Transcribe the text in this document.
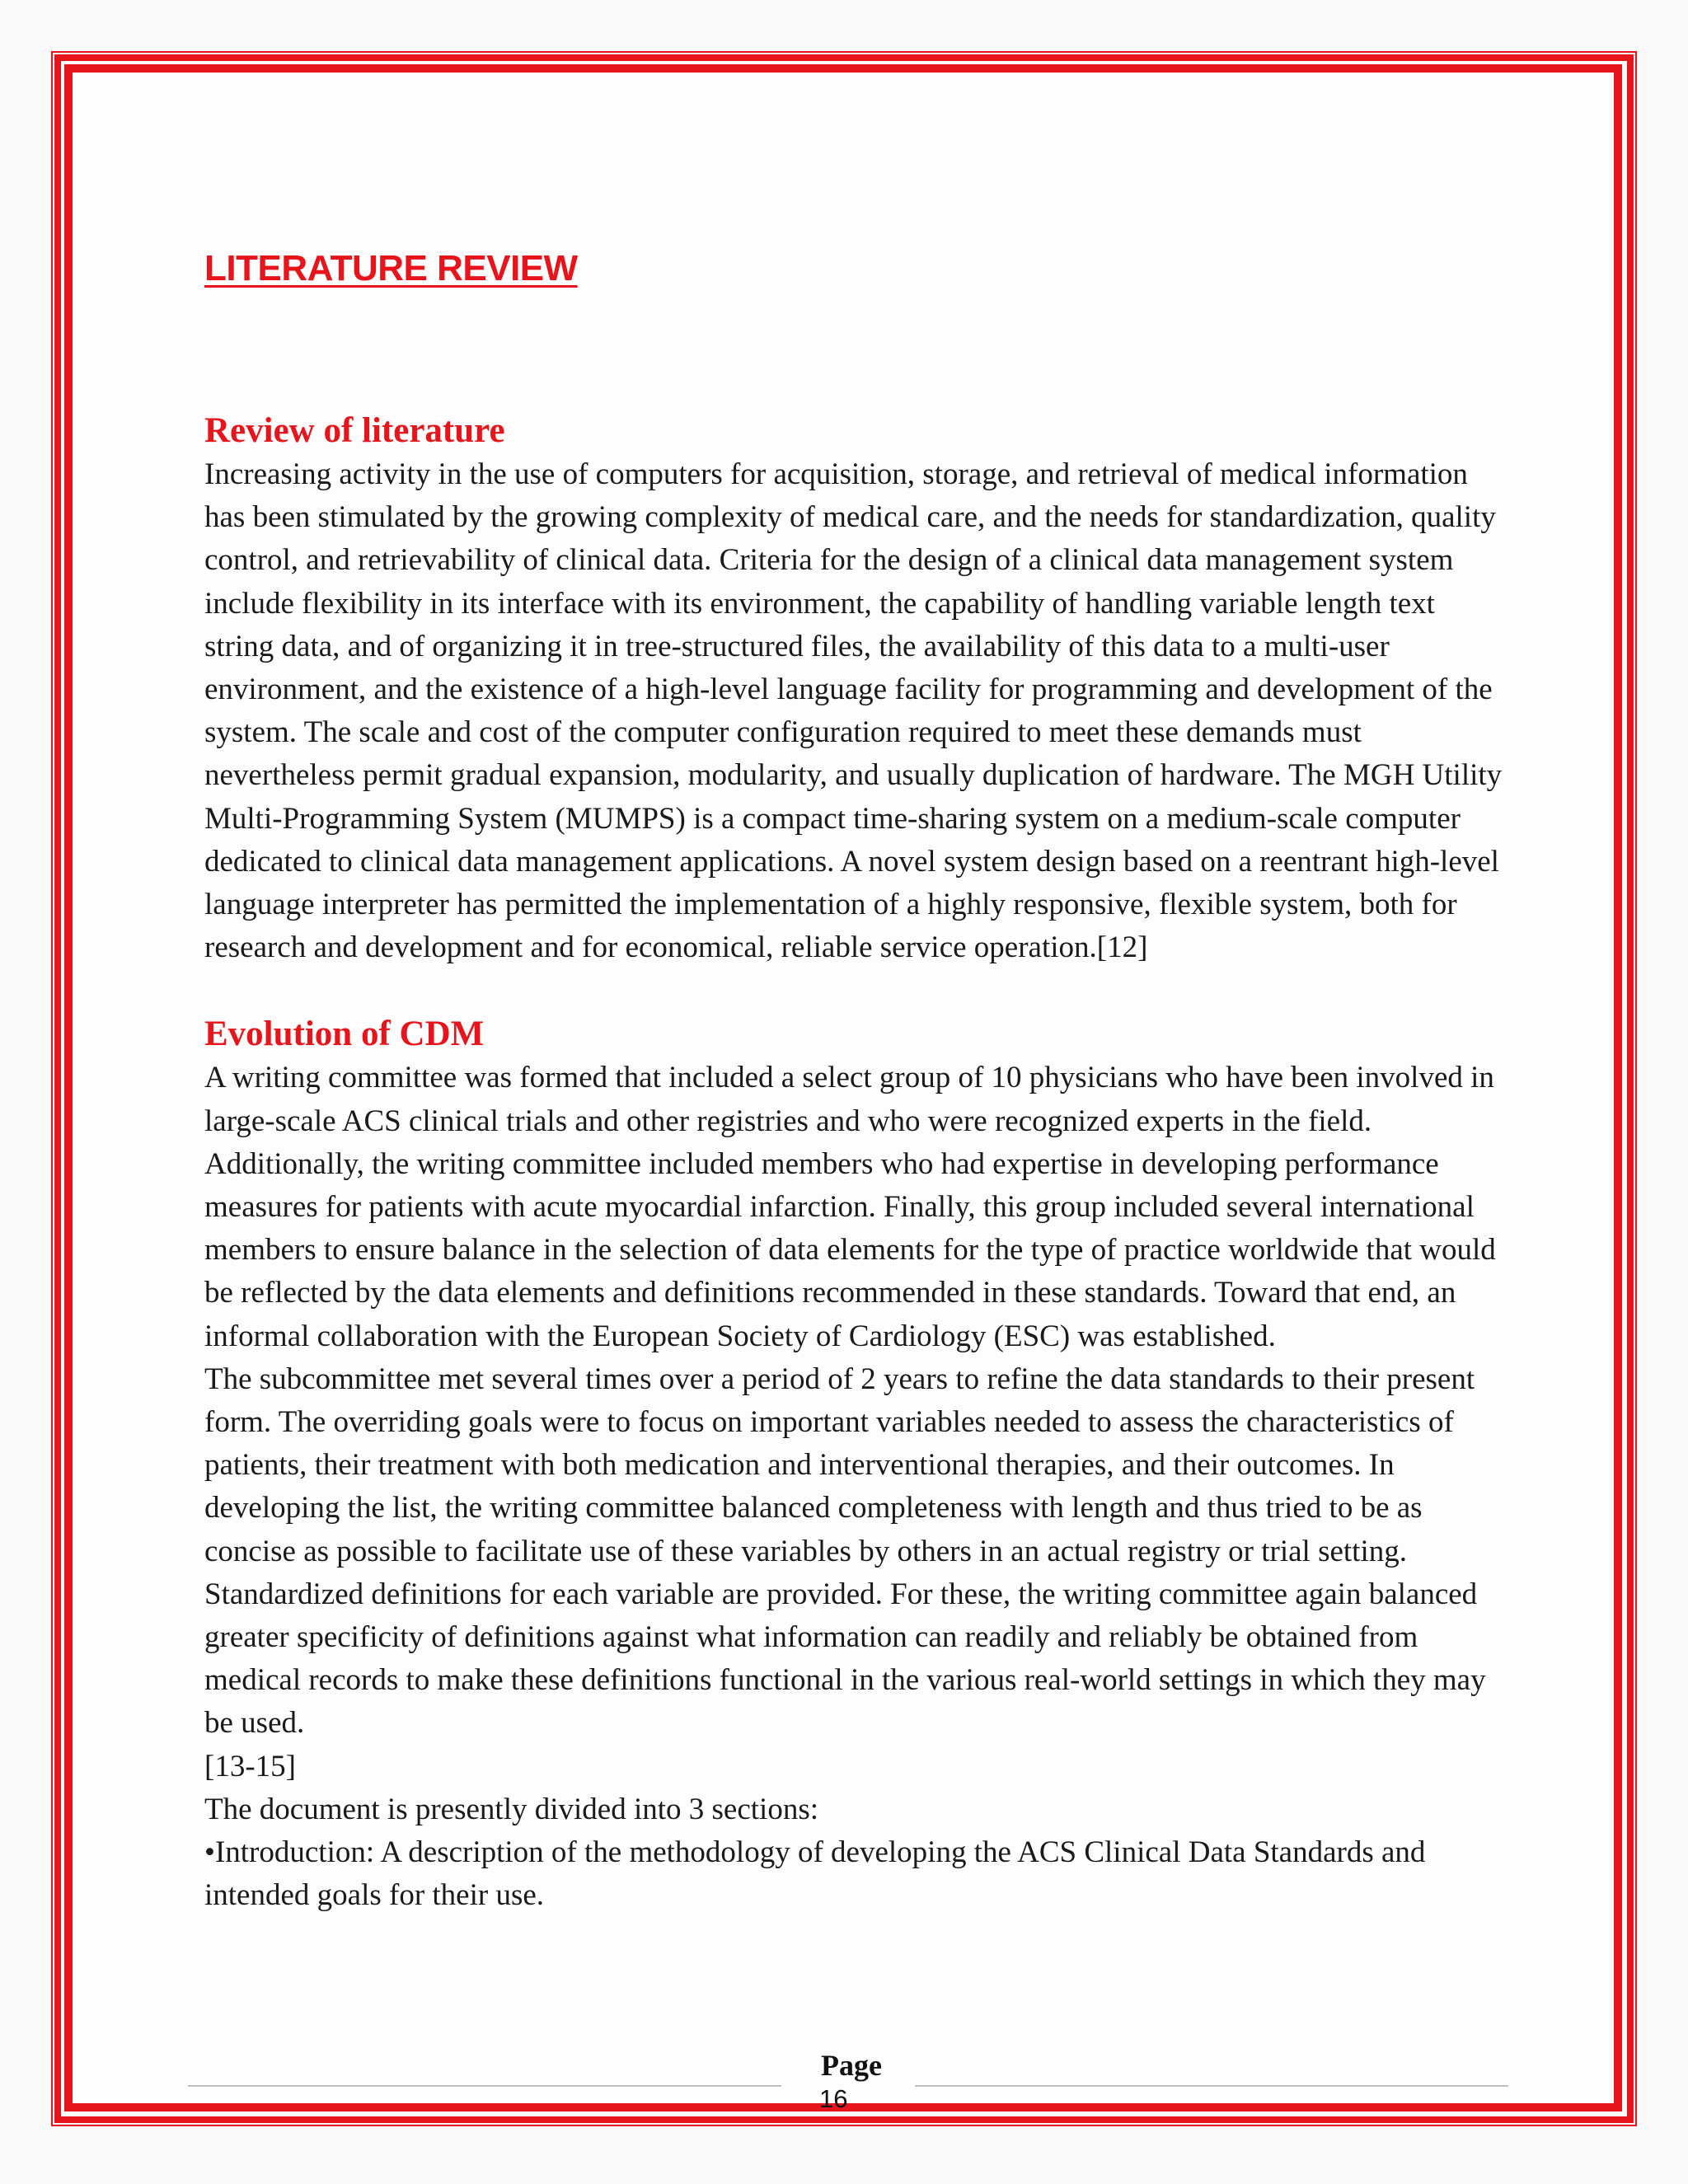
LITERATURE REVIEW
Review of literature

Increasing activity in the use of computers for acquisition, storage, and retrieval of medical information has been stimulated by the growing complexity of medical care, and the needs for standardization, quality control, and retrievability of clinical data. Criteria for the design of a clinical data management system include flexibility in its interface with its environment, the capability of handling variable length text string data, and of organizing it in tree-structured files, the availability of this data to a multi-user environment, and the existence of a high-level language facility for programming and development of the system. The scale and cost of the computer configuration required to meet these demands must nevertheless permit gradual expansion, modularity, and usually duplication of hardware. The MGH Utility Multi-Programming System (MUMPS) is a compact time-sharing system on a medium-scale computer dedicated to clinical data management applications. A novel system design based on a reentrant high-level language interpreter has permitted the implementation of a highly responsive, flexible system, both for research and development and for economical, reliable service operation.[12]

Evolution of CDM

A writing committee was formed that included a select group of 10 physicians who have been involved in large-scale ACS clinical trials and other registries and who were recognized experts in the field. Additionally, the writing committee included members who had expertise in developing performance measures for patients with acute myocardial infarction. Finally, this group included several international members to ensure balance in the selection of data elements for the type of practice worldwide that would be reflected by the data elements and definitions recommended in these standards. Toward that end, an informal collaboration with the European Society of Cardiology (ESC) was established.

The subcommittee met several times over a period of 2 years to refine the data standards to their present form. The overriding goals were to focus on important variables needed to assess the characteristics of patients, their treatment with both medication and interventional therapies, and their outcomes. In developing the list, the writing committee balanced completeness with length and thus tried to be as concise as possible to facilitate use of these variables by others in an actual registry or trial setting. Standardized definitions for each variable are provided. For these, the writing committee again balanced greater specificity of definitions against what information can readily and reliably be obtained from medical records to make these definitions functional in the various real-world settings in which they may be used.

[13-15]

The document is presently divided into 3 sections:

•Introduction: A description of the methodology of developing the ACS Clinical Data Standards and intended goals for their use.

Page
16
